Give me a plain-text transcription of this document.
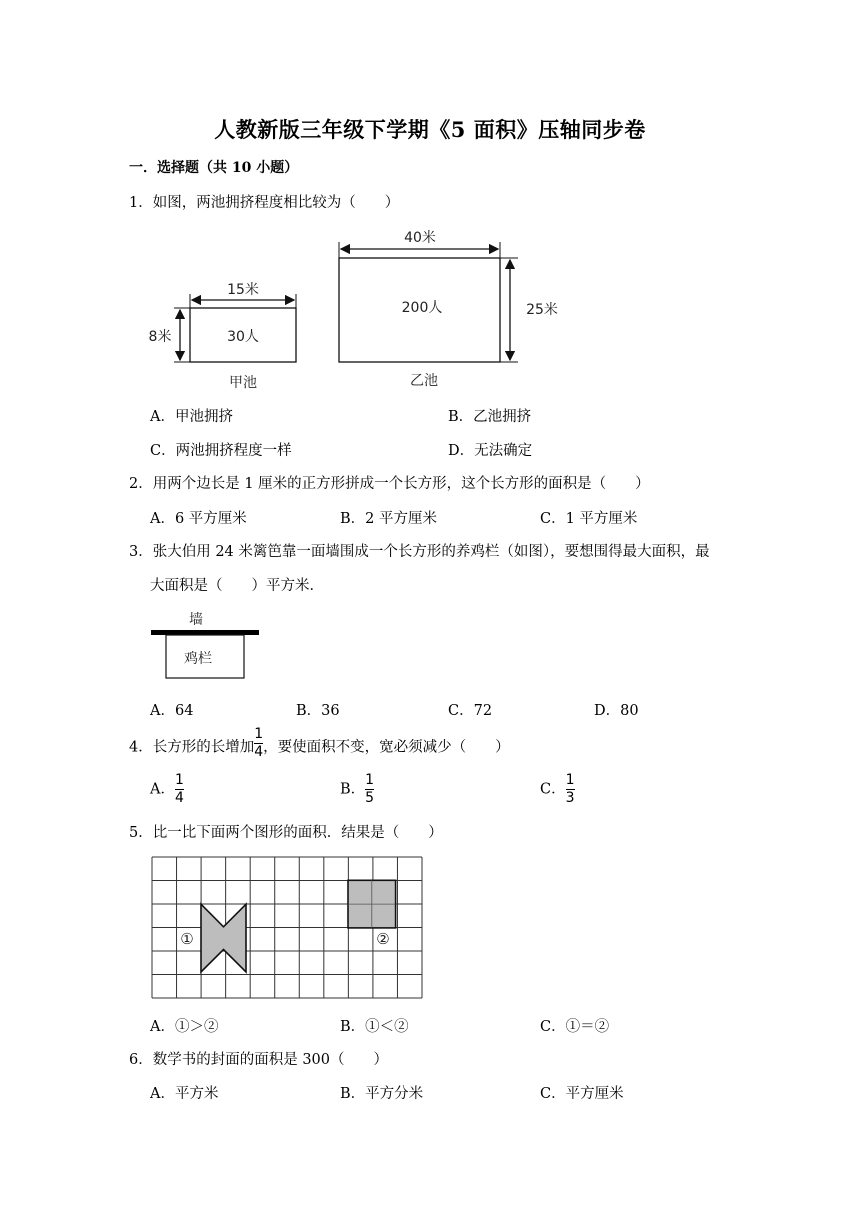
人教新版三年级下学期《5 面积》压轴同步卷
一．选择题（共 10 小题）
1．如图，两池拥挤程度相比较为（　　）
15米
8米	30人
甲池
40米
25米
200人
乙池
A．甲池拥挤	B．乙池拥挤
C．两池拥挤程度一样	D．无法确定
2．用两个边长是 1 厘米的正方形拼成一个长方形，这个长方形的面积是（　　）
A．6 平方厘米	B．2 平方厘米	C．1 平方厘米
3．张大伯用 24 米篱笆靠一面墙围成一个长方形的养鸡栏（如图），要想围得最大面积，最
大面积是（　　）平方米．
墙
鸡栏
A．64	B．36	C．72	D．80
4．长方形的长增加 $\frac{1}{4}$ ，要使面积不变，宽必须减少（　　）
A． $\frac{1}{4}$	B． $\frac{1}{5}$	C． $\frac{1}{3}$
5．比一比下面两个图形的面积．结果是（　　）
①	②
A．①＞②	B．①＜②	C．①＝②
6．数学书的封面的面积是 300（　　）
A．平方米	B．平方分米	C．平方厘米
